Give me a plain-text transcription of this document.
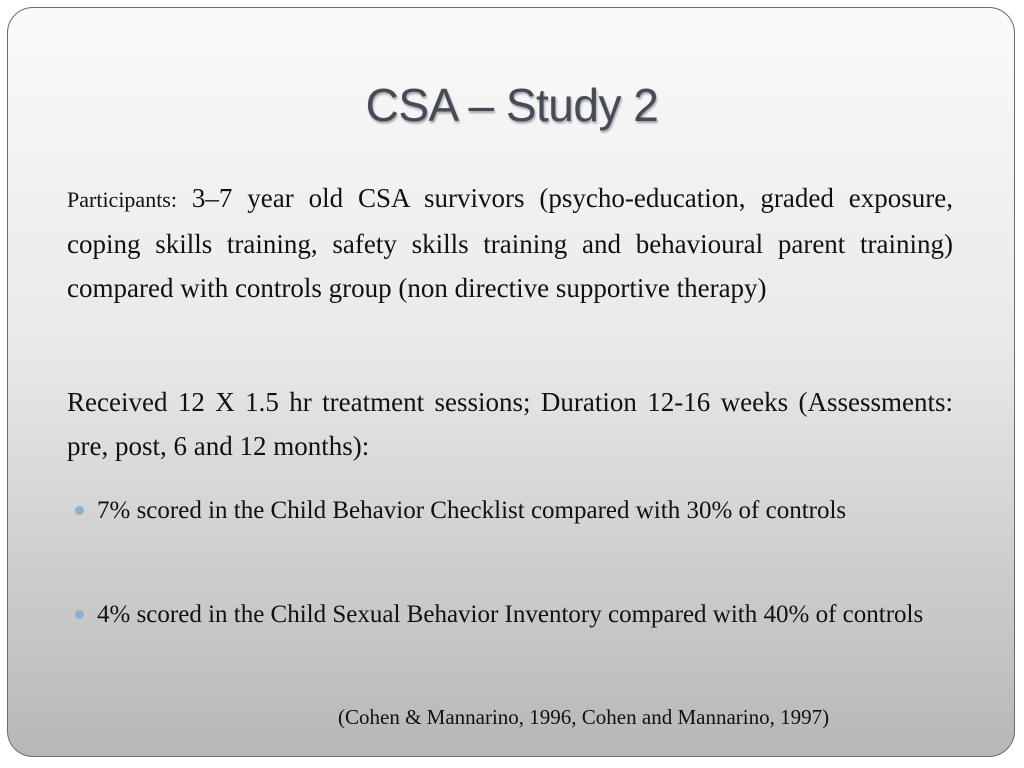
CSA – Study 2
Participants: 3–7 year old CSA survivors (psycho-education, graded exposure, coping skills training, safety skills training and behavioural parent training) compared with controls group (non directive supportive therapy)
Received 12 X 1.5 hr treatment sessions; Duration 12-16 weeks (Assessments: pre, post, 6 and 12 months):
7% scored in the Child Behavior Checklist compared with 30% of controls
4% scored in the Child Sexual Behavior Inventory compared with 40% of controls
(Cohen & Mannarino, 1996, Cohen and Mannarino, 1997)
